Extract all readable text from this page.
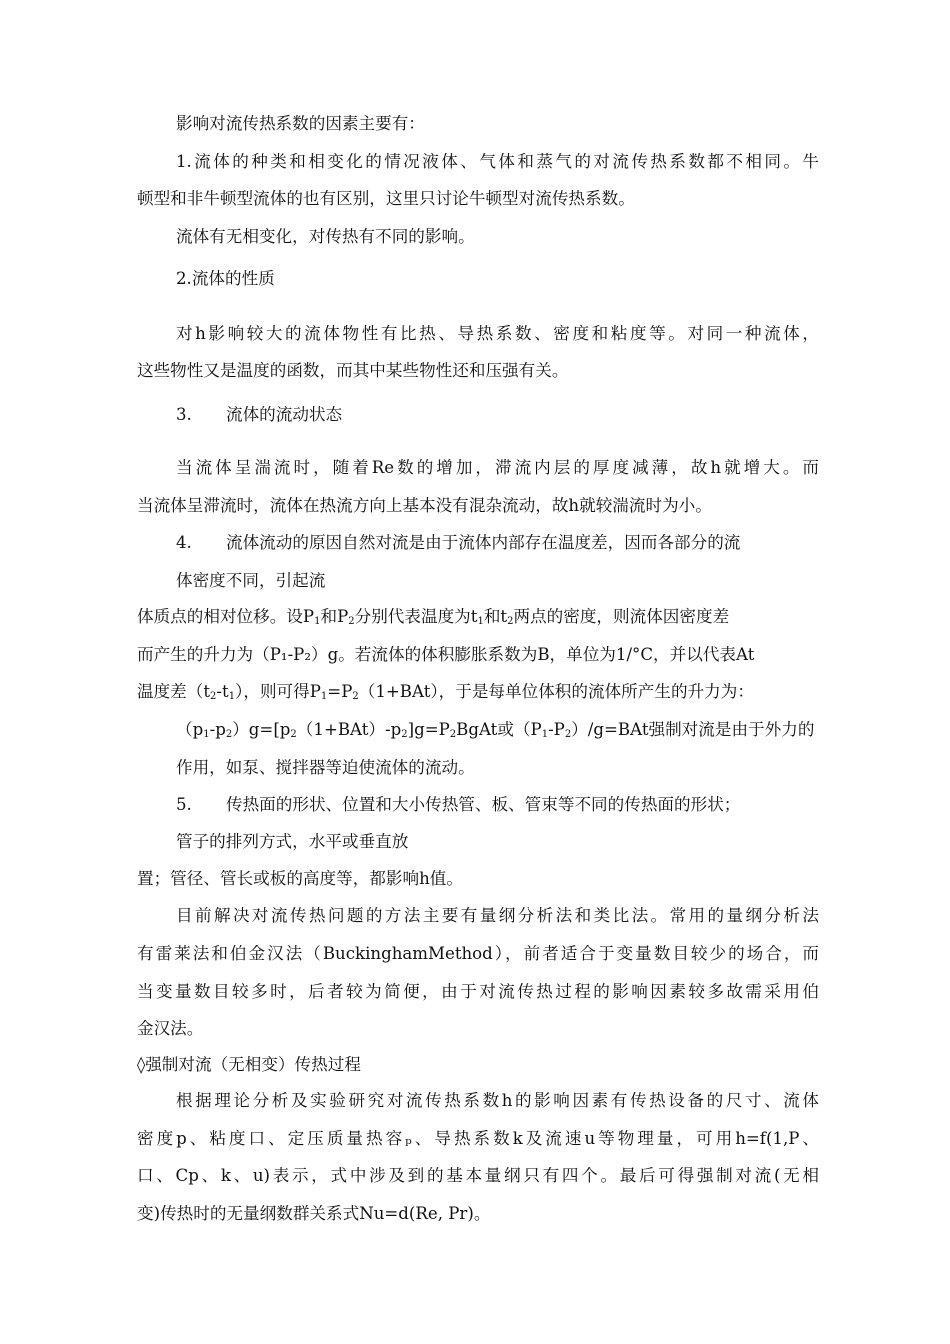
影响对流传热系数的因素主要有：
1.流体的种类和相变化的情况液体、气体和蒸气的对流传热系数都不相同。牛
顿型和非牛顿型流体的也有区别，这里只讨论牛顿型对流传热系数。
流体有无相变化，对传热有不同的影响。
2.流体的性质
对h影响较大的流体物性有比热、导热系数、密度和粘度等。对同一种流体，
这些物性又是温度的函数，而其中某些物性还和压强有关。
3. 流体的流动状态
当流体呈湍流时，随着Re数的增加，滞流内层的厚度减薄，故h就增大。而
当流体呈滞流时，流体在热流方向上基本没有混杂流动，故h就较湍流时为小。
4. 流体流动的原因自然对流是由于流体内部存在温度差，因而各部分的流
体密度不同，引起流
体质点的相对位移。设$P_1$和$P_2$分别代表温度为$t_1$和$t_2$两点的密度，则流体因密度差
而产生的升力为（P₁-P₂）g。若流体的体积膨胀系数为B，单位为1/°C，并以代表At
温度差$(t_2-t_1)$，则可得$P_1=P_2(1+BAt)$，于是每单位体积的流体所产生的升力为：
$(p_1-p_2)g=[p_2(1+BAt)-p_2]g=P_2BgAt$或$(P_1-P_2)/g=BAt$强制对流是由于外力的
作用，如泵、搅拌器等迫使流体的流动。
5. 传热面的形状、位置和大小传热管、板、管束等不同的传热面的形状；
管子的排列方式，水平或垂直放
置；管径、管长或板的高度等，都影响h值。
目前解决对流传热问题的方法主要有量纲分析法和类比法。常用的量纲分析法
有雷莱法和伯金汉法（BuckinghamMethod），前者适合于变量数目较少的场合，而
当变量数目较多时，后者较为简便，由于对流传热过程的影响因素较多故需采用伯
金汉法。
◊强制对流（无相变）传热过程
根据理论分析及实验研究对流传热系数h的影响因素有传热设备的尺寸、流体
密度p、粘度口、定压质量热容ₚ、导热系数k及流速u等物理量，可用h=f(1,P、
口、Cp、k、u)表示，式中涉及到的基本量纲只有四个。最后可得强制对流(无相
变)传热时的无量纲数群关系式Nu=d(Re, Pr)。
